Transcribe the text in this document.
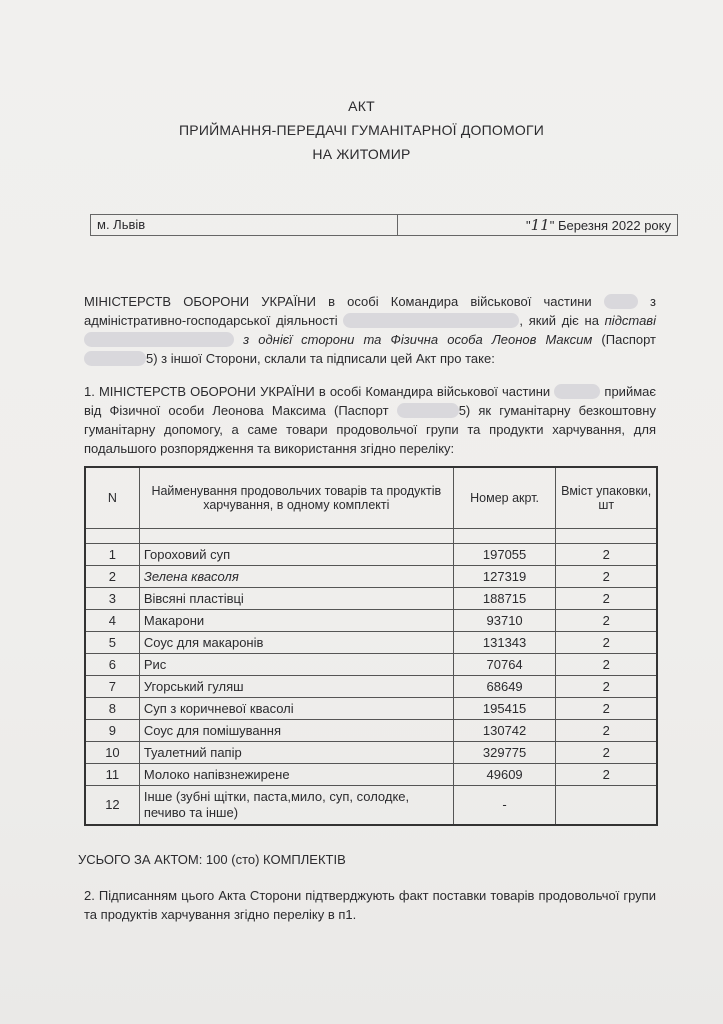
АКТ
ПРИЙМАННЯ-ПЕРЕДАЧІ ГУМАНІТАРНОЇ ДОПОМОГИ
НА ЖИТОМИР
м. Львів	"11" Березня 2022 року
МІНІСТЕРСТВ ОБОРОНИ УКРАЇНИ в особі Командира військової частини	з адміністративно-господарської діяльності	, який діє на підставі  з однієї сторони та Фізична особа Леонов Максим (Паспорт 5) з іншої Сторони, склали та підписали цей Акт про таке:
1. МІНІСТЕРСТВ ОБОРОНИ УКРАЇНИ в особі Командира військової частини	приймає від Фізичної особи Леонова Максима (Паспорт	5) як гуманітарну безкоштовну гуманітарну допомогу, а саме товари продовольчої групи та продукти харчування, для подальшого розпорядження та використання згідно переліку:
N	Найменування продовольчих товарів та продуктів харчування, в одному комплекті	Номер акрт.	Вміст упаковки, шт

1	Гороховий суп	197055	2
2	Зелена квасоля	127319	2
3	Вівсяні пластівці	188715	2
4	Макарони	93710	2
5	Соус для макаронів	131343	2
6	Рис	70764	2
7	Угорський гуляш	68649	2
8	Суп з коричневої квасолі	195415	2
9	Соус для помішування	130742	2
10	Туалетний папір	329775	2
11	Молоко напівзнежирене	49609	2
12	Інше (зубні щітки, паста,мило, суп, солодке, печиво та інше)	-	
УСЬОГО ЗА АКТОМ: 100 (сто) КОМПЛЕКТІВ
2. Підписанням цього Акта Сторони підтверджують факт поставки товарів продовольчої групи та продуктів харчування згідно переліку в п1.
